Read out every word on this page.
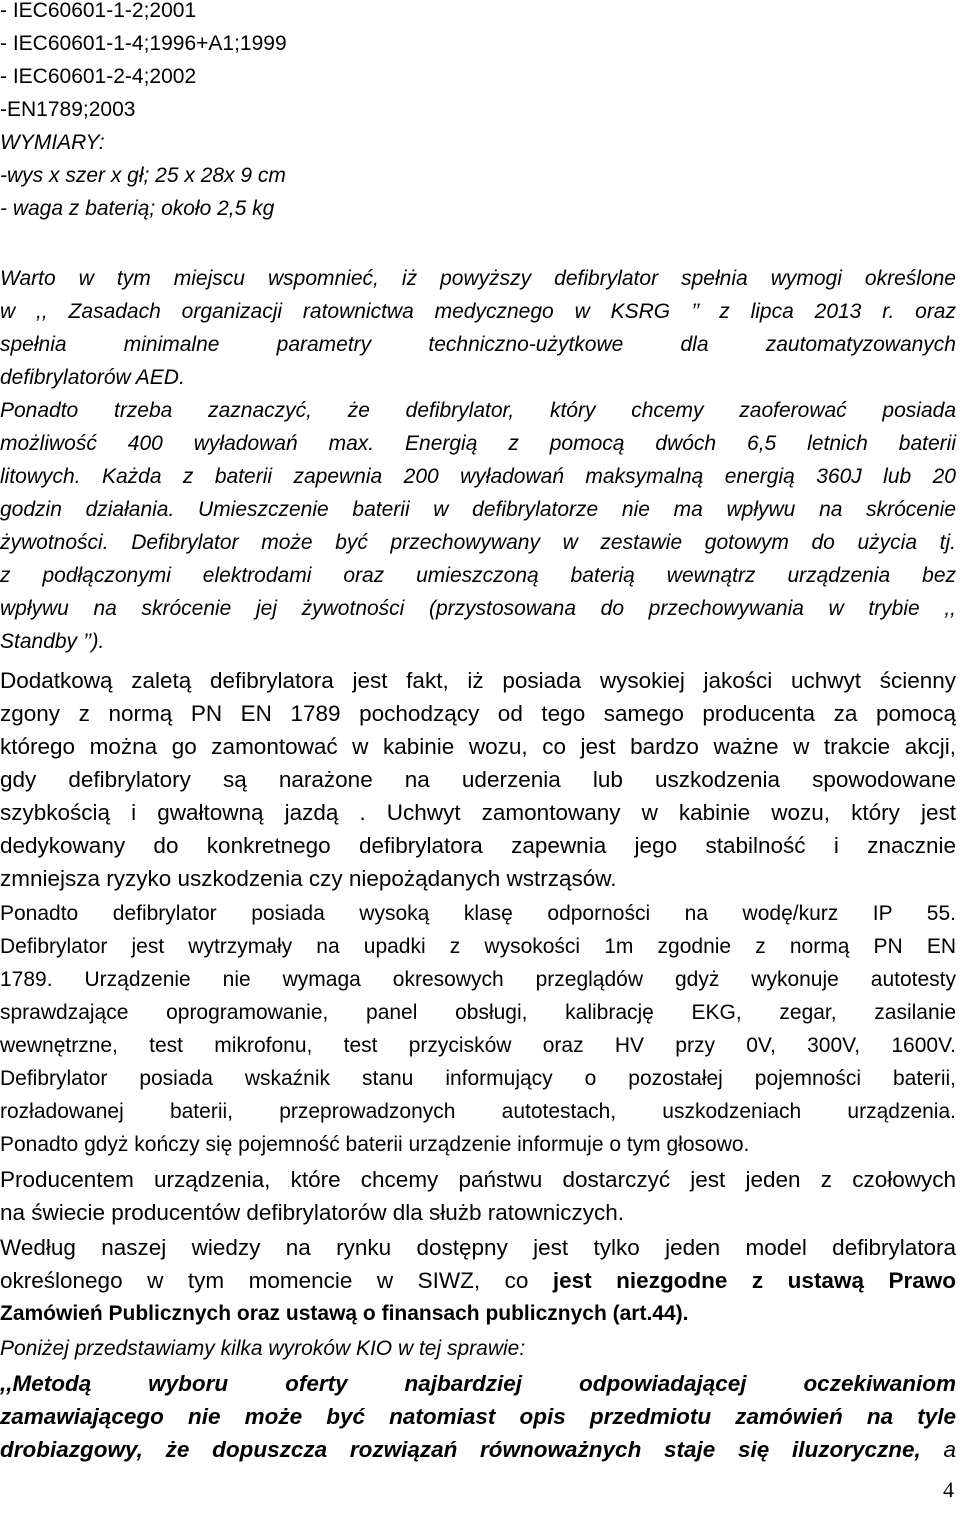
- IEC60601-1-2;2001
- IEC60601-1-4;1996+A1;1999
- IEC60601-2-4;2002
-EN1789;2003
WYMIARY:
-wys x szer x gł; 25 x 28x 9 cm
- waga z baterią; około 2,5 kg
Warto w tym miejscu wspomnieć, iż powyższy defibrylator spełnia wymogi określone
w ,, Zasadach organizacji ratownictwa medycznego w KSRG ’’ z lipca 2013 r. oraz
spełnia minimalne parametry techniczno-użytkowe dla zautomatyzowanych
defibrylatorów AED.
Ponadto trzeba zaznaczyć, że defibrylator, który chcemy zaoferować posiada
możliwość 400 wyładowań max. Energią z pomocą dwóch 6,5 letnich baterii
litowych. Każda z baterii zapewnia 200 wyładowań maksymalną energią 360J lub 20
godzin działania. Umieszczenie baterii w defibrylatorze nie ma wpływu na skrócenie
żywotności. Defibrylator może być przechowywany w zestawie gotowym do użycia tj.
z podłączonymi elektrodami oraz umieszczoną baterią wewnątrz urządzenia bez
wpływu na skrócenie jej żywotności (przystosowana do przechowywania w trybie ,,
Standby ’’).
Dodatkową zaletą defibrylatora jest fakt, iż posiada wysokiej jakości uchwyt ścienny
zgony z normą PN EN 1789 pochodzący od tego samego producenta za pomocą
którego można go zamontować w kabinie wozu, co jest bardzo ważne w trakcie akcji,
gdy defibrylatory są narażone na uderzenia lub uszkodzenia spowodowane
szybkością i gwałtowną jazdą . Uchwyt zamontowany w kabinie wozu, który jest
dedykowany do konkretnego defibrylatora zapewnia jego stabilność i znacznie
zmniejsza ryzyko uszkodzenia czy niepożądanych wstrząsów.
Ponadto defibrylator posiada wysoką klasę odporności na wodę/kurz IP 55.
Defibrylator jest wytrzymały na upadki z wysokości 1m zgodnie z normą PN EN
1789. Urządzenie nie wymaga okresowych przeglądów gdyż wykonuje autotesty
sprawdzające oprogramowanie, panel obsługi, kalibrację EKG, zegar, zasilanie
wewnętrzne, test mikrofonu, test przycisków oraz HV przy 0V, 300V, 1600V.
Defibrylator posiada wskaźnik stanu informujący o pozostałej pojemności baterii,
rozładowanej baterii, przeprowadzonych autotestach, uszkodzeniach urządzenia.
Ponadto gdyż kończy się pojemność baterii urządzenie informuje o tym głosowo.
Producentem urządzenia, które chcemy państwu dostarczyć jest jeden z czołowych
na świecie producentów defibrylatorów dla służb ratowniczych.
Według naszej wiedzy na rynku dostępny jest tylko jeden model defibrylatora
określonego w tym momencie w SIWZ, co jest niezgodne z ustawą Prawo
Zamówień Publicznych oraz ustawą o finansach publicznych (art.44).
Poniżej przedstawiamy kilka wyroków KIO w tej sprawie:
,,Metodą wyboru oferty najbardziej odpowiadającej oczekiwaniom
zamawiającego nie może być natomiast opis przedmiotu zamówień na tyle
drobiazgowy, że dopuszcza rozwiązań równoważnych staje się iluzoryczne, a
4
